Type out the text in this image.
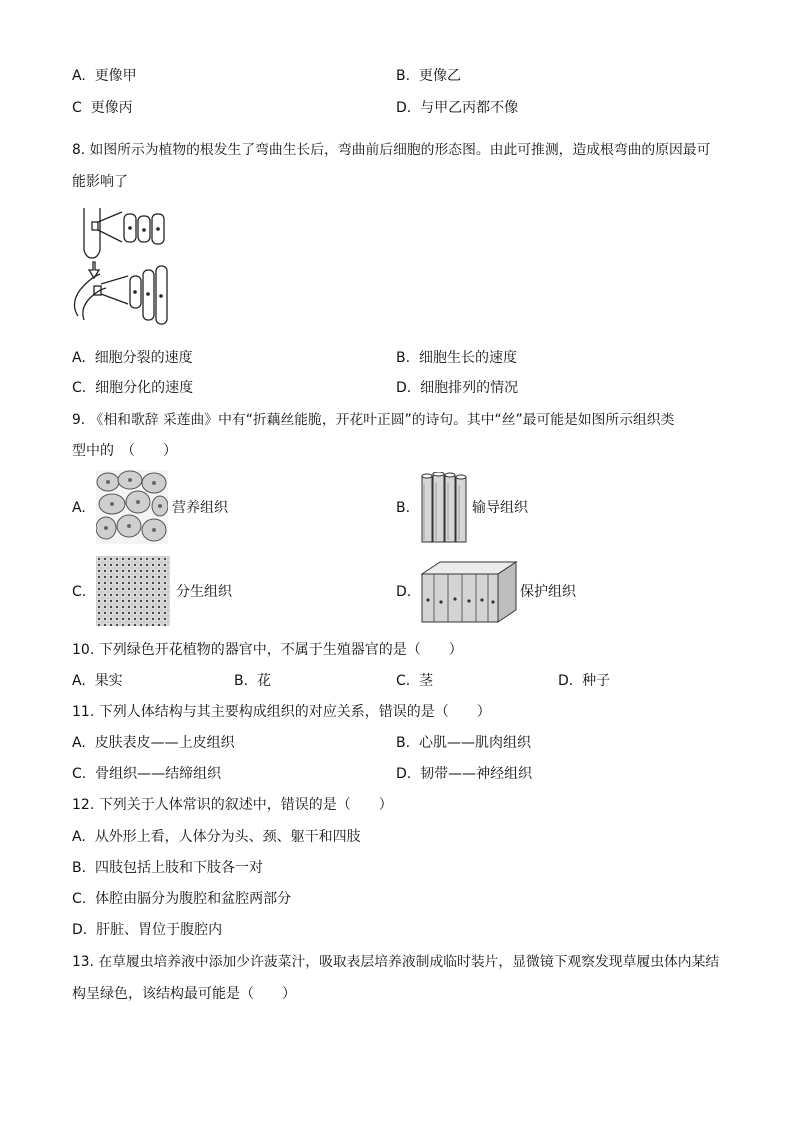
A. 更像甲	B. 更像乙
C 更像丙	D. 与甲乙丙都不像
8. 如图所示为植物的根发生了弯曲生长后，弯曲前后细胞的形态图。由此可推测，造成根弯曲的原因最可
能影响了
A. 细胞分裂的速度	B. 细胞生长的速度
C. 细胞分化的速度	D. 细胞排列的情况
9. 《相和歌辞 采莲曲》中有“折藕丝能脆，开花叶正圆”的诗句。其中“丝”最可能是如图所示组织类
型中的　（　　）
A.	营养组织	B.	输导组织
C.	分生组织	D.	保护组织
10. 下列绿色开花植物的器官中，不属于生殖器官的是（　　）
A. 果实	B. 花	C. 茎	D. 种子
11. 下列人体结构与其主要构成组织的对应关系，错误的是（　　）
A. 皮肤表皮——上皮组织	B. 心肌——肌肉组织
C. 骨组织——结缔组织	D. 韧带——神经组织
12. 下列关于人体常识的叙述中，错误的是（　　）
A. 从外形上看，人体分为头、颈、躯干和四肢
B. 四肢包括上肢和下肢各一对
C. 体腔由膈分为腹腔和盆腔两部分
D. 肝脏、胃位于腹腔内
13. 在草履虫培养液中添加少许菠菜汁，吸取表层培养液制成临时装片，显微镜下观察发现草履虫体内某结
构呈绿色，该结构最可能是（　　）
